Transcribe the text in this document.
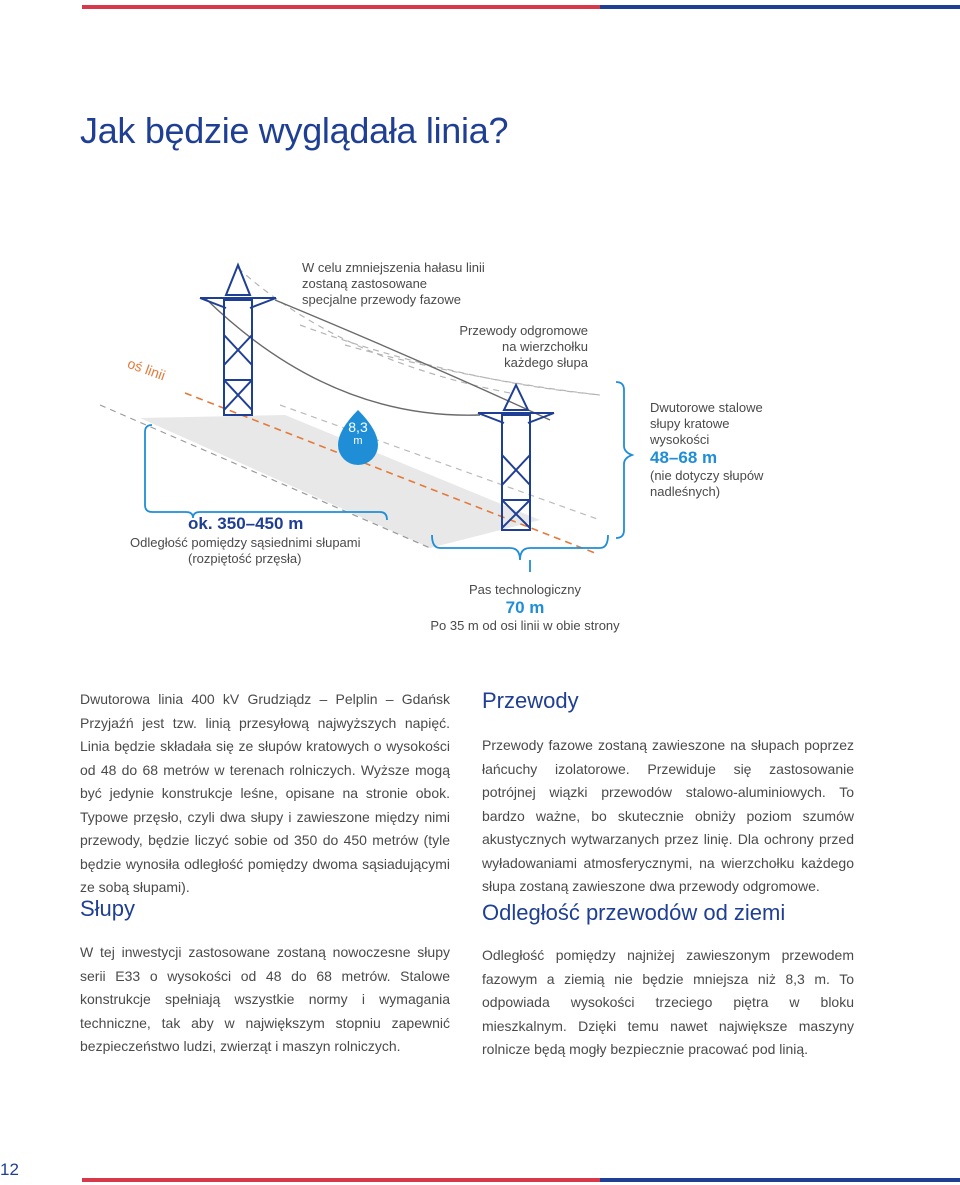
Jak będzie wyglądała linia?
oś linii
W celu zmniejszenia hałasu linii
zostaną zastosowane
specjalne przewody fazowe
Przewody odgromowe
na wierzchołku
każdego słupa
8,3
m
Dwutorowe stalowe
słupy kratowe
wysokości
48–68 m
(nie dotyczy słupów
nadleśnych)
ok. 350–450 m
Odległość pomiędzy sąsiednimi słupami
(rozpiętość przęsła)
Pas technologiczny
70 m
Po 35 m od osi linii w obie strony

Dwutorowa linia 400 kV Grudziądz – Pelplin – Gdańsk Przyjaźń jest tzw. linią przesyłową najwyższych napięć. Linia będzie składała się ze słupów kratowych o wysokości od 48 do 68 metrów w terenach rolniczych. Wyższe mogą być jedynie konstrukcje leśne, opisane na stronie obok. Typowe przęsło, czyli dwa słupy i zawieszone między nimi przewody, będzie liczyć sobie od 350 do 450 metrów (tyle będzie wynosiła odległość pomiędzy dwoma sąsiadującymi ze sobą słupami).

Słupy

W tej inwestycji zastosowane zostaną nowoczesne słupy serii E33 o wysokości od 48 do 68 metrów. Stalowe konstrukcje spełniają wszystkie normy i wymagania techniczne, tak aby w największym stopniu zapewnić bezpieczeństwo ludzi, zwierząt i maszyn rolniczych.

Przewody

Przewody fazowe zostaną zawieszone na słupach poprzez łańcuchy izolatorowe. Przewiduje się zastosowanie potrójnej wiązki przewodów stalowo-aluminiowych. To bardzo ważne, bo skutecznie obniży poziom szumów akustycznych wytwarzanych przez linię. Dla ochrony przed wyładowaniami atmosferycznymi, na wierzchołku każdego słupa zostaną zawieszone dwa przewody odgromowe.

Odległość przewodów od ziemi

Odległość pomiędzy najniżej zawieszonym przewodem fazowym a ziemią nie będzie mniejsza niż 8,3 m. To odpowiada wysokości trzeciego piętra w bloku mieszkalnym. Dzięki temu nawet największe maszyny rolnicze będą mogły bezpiecznie pracować pod linią.

12
